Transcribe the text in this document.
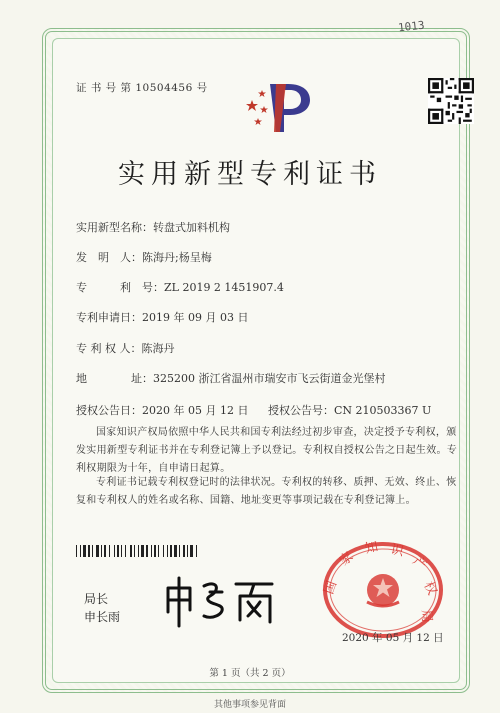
1013
证 书 号 第 10504456 号
实用新型专利证书
实用新型名称：转盘式加料机构
发　明　人：陈海丹;杨呈梅
专　　　利　号：ZL 2019 2 1451907.4
专利申请日：2019 年 09 月 03 日
专 利 权 人：陈海丹
地　　　　址：325200 浙江省温州市瑞安市飞云街道金光堡村
授权公告日：2020 年 05 月 12 日 授权公告号：CN 210503367 U
国家知识产权局依照中华人民共和国专利法经过初步审查，决定授予专利权，颁发实用新型专利证书并在专利登记簿上予以登记。专利权自授权公告之日起生效。专利权期限为十年，自申请日起算。
专利证书记载专利权登记时的法律状况。专利权的转移、质押、无效、终止、恢复和专利权人的姓名或名称、国籍、地址变更等事项记载在专利登记簿上。
局长
申长雨
国
家
知 识
产
权
局
2020 年 05 月 12 日
第 1 页（共 2 页）
其他事项参见背面
